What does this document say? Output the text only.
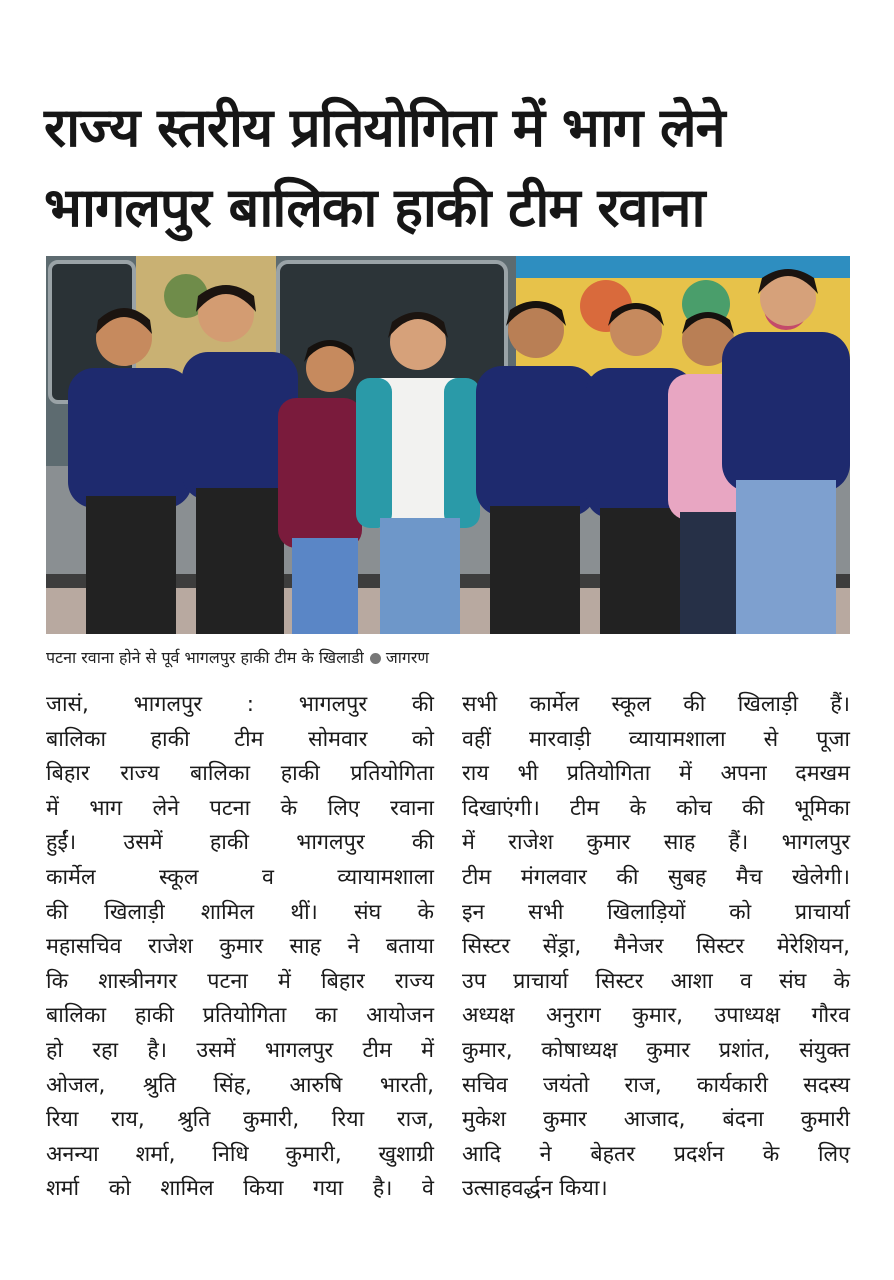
राज्य स्तरीय प्रतियोगिता में भाग लेने
भागलपुर बालिका हाकी टीम रवाना
पटना रवाना होने से पूर्व भागलपुर हाकी टीम के खिलाडी जागरण

जासं, भागलपुर : भागलपुर की

बालिका हाकी टीम सोमवार को

बिहार राज्य बालिका हाकी प्रतियोगिता

में भाग लेने पटना के लिए रवाना

हुईं। उसमें हाकी भागलपुर की

कार्मेल स्कूल व व्यायामशाला

की खिलाड़ी शामिल थीं। संघ के

महासचिव राजेश कुमार साह ने बताया

कि शास्त्रीनगर पटना में बिहार राज्य

बालिका हाकी प्रतियोगिता का आयोजन

हो रहा है। उसमें भागलपुर टीम में

ओजल, श्रुति सिंह, आरुषि भारती,

रिया राय, श्रुति कुमारी, रिया राज,

अनन्या शर्मा, निधि कुमारी, खुशाग्री

शर्मा को शामिल किया गया है। वे

सभी कार्मेल स्कूल की खिलाड़ी हैं।

वहीं मारवाड़ी व्यायामशाला से पूजा

राय भी प्रतियोगिता में अपना दमखम

दिखाएंगी। टीम के कोच की भूमिका

में राजेश कुमार साह हैं। भागलपुर

टीम मंगलवार की सुबह मैच खेलेगी।

इन सभी खिलाड़ियों को प्राचार्या

सिस्टर सेंड्रा, मैनेजर सिस्टर मेरेशियन,

उप प्राचार्या सिस्टर आशा व संघ के

अध्यक्ष अनुराग कुमार, उपाध्यक्ष गौरव

कुमार, कोषाध्यक्ष कुमार प्रशांत, संयुक्त

सचिव जयंतो राज, कार्यकारी सदस्य

मुकेश कुमार आजाद, बंदना कुमारी

आदि ने बेहतर प्रदर्शन के लिए

उत्साहवर्द्धन किया।
